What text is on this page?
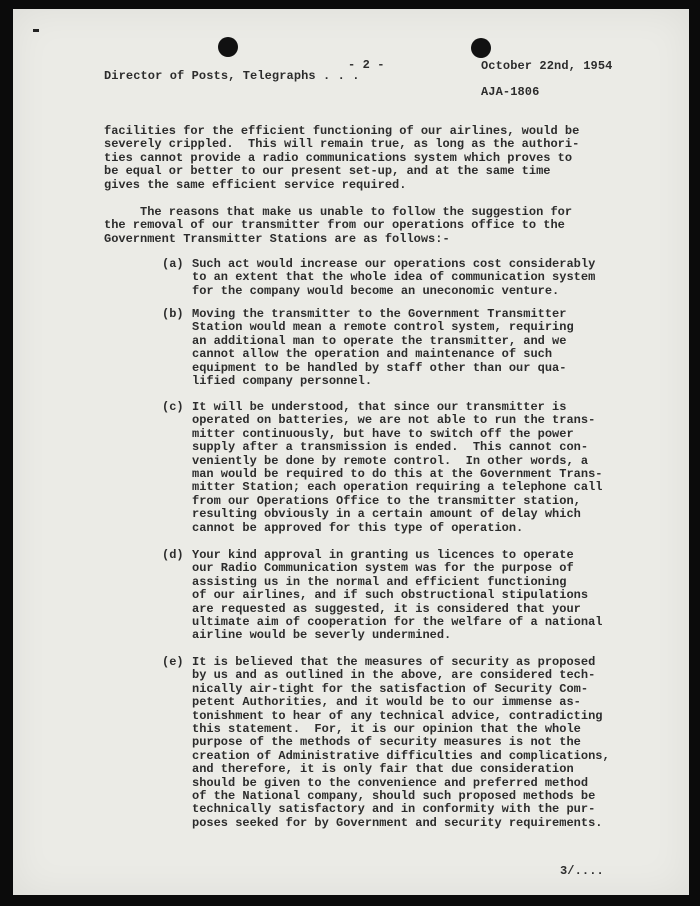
Director of Posts, Telegraphs . . .
- 2 -	October 22nd, 1954
AJA-1806
facilities for the efficient functioning of our airlines, would be
severely crippled.  This will remain true, as long as the authori-
ties cannot provide a radio communications system which proves to
be equal or better to our present set-up, and at the same time
gives the same efficient service required.
The reasons that make us unable to follow the suggestion for
the removal of our transmitter from our operations office to the
Government Transmitter Stations are as follows:-
(a) Such act would increase our operations cost considerably
to an extent that the whole idea of communication system
for the company would become an uneconomic venture.
(b) Moving the transmitter to the Government Transmitter
Station would mean a remote control system, requiring
an additional man to operate the transmitter, and we
cannot allow the operation and maintenance of such
equipment to be handled by staff other than our qua-
lified company personnel.
(c) It will be understood, that since our transmitter is
operated on batteries, we are not able to run the trans-
mitter continuously, but have to switch off the power
supply after a transmission is ended.  This cannot con-
veniently be done by remote control.  In other words, a
man would be required to do this at the Government Trans-
mitter Station; each operation requiring a telephone call
from our Operations Office to the transmitter station,
resulting obviously in a certain amount of delay which
cannot be approved for this type of operation.
(d) Your kind approval in granting us licences to operate
our Radio Communication system was for the purpose of
assisting us in the normal and efficient functioning
of our airlines, and if such obstructional stipulations
are requested as suggested, it is considered that your
ultimate aim of cooperation for the welfare of a national
airline would be severly undermined.
(e) It is believed that the measures of security as proposed
by us and as outlined in the above, are considered tech-
nically air-tight for the satisfaction of Security Com-
petent Authorities, and it would be to our immense as-
tonishment to hear of any technical advice, contradicting
this statement.  For, it is our opinion that the whole
purpose of the methods of security measures is not the
creation of Administrative difficulties and complications,
and therefore, it is only fair that due consideration
should be given to the convenience and preferred method
of the National company, should such proposed methods be
technically satisfactory and in conformity with the pur-
poses seeked for by Government and security requirements.
3/....
